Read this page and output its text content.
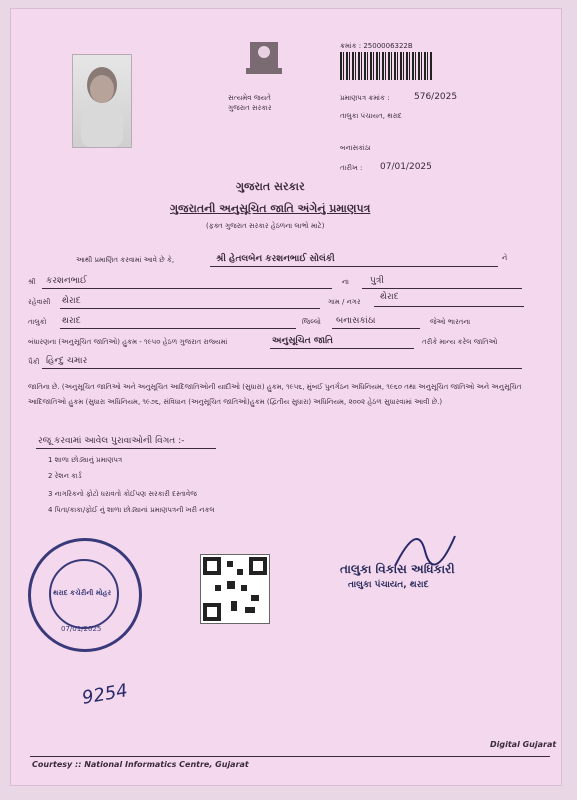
સત્યમેવ જયતે
ગુજરાત સરકાર
ક્રમાંક : 2500006322B
પ્રમાણપત્ર ક્રમાંક :	576/2025
તાલુકા પંચાયત, થરાદ
બનાસકાંઠા
તારીખ : 07/01/2025
ગુજરાત સરકાર
ગુજરાતની અનુસૂચિત જાતિ અંગેનું પ્રમાણપત્ર
(ફક્ત ગુજરાત સરકાર હેઠળના લાભો માટે)
આથી પ્રમાણિત કરવામાં આવે છે કે,	શ્રી હેતલબેન કરશનભાઈ સોલંકી	ને
શ્રી કરશનભાઈ	ના પુત્રી
રહેવાસી થેરાદ	ગામ / નગર થેરાદ
તાલુકો થરાદ	જિલ્લો બનાસકાંઠા	જેઓ ભારતના
બંધારણના (અનુસૂચિત જાતિઓ) હુકમ - ૧૯૫૦ હેઠળ ગુજરાત રાજ્યમાં	અનુસૂચિત જાતિ	તરીકે માન્ય કરેલ જાતિઓ
પૈકી હિન્દુ ચમાર
જાતિના છે. (અનુસૂચિત જાતિઓ અને અનુસૂચિત આદિજાતિઓની યાદીઓ (સુધારા) હુકમ, ૧૯૫૬, મુંબઈ પુનર્ગઠન અધિનિયમ, ૧૯૬૦ તથા અનુસૂચિત જાતિઓ અને અનુસૂચિત આદિજાતિઓ હુકમ (સુધારા અધિનિયમ, ૧૯૭૬, સંવિધાન (અનુસૂચિત જાતિઓ)હુકમ (દ્વિતીય સુધારા) અધિનિયમ, ૨૦૦૨ હેઠળ સુધારવામાં આવી છે.)
રજૂ કરવામાં આવેલ પુરાવાઓની વિગત :-
1 શાળા છોડ્યાનું પ્રમાણપત્ર
2 રેશન કાર્ડ
3 નાગરિકનો ફોટો ધરાવતો કોઈપણ સરકારી દસ્તાવેજ
4 પિતા/કાકા/ફોઈ નું શાળા છોડ્યાનાં પ્રમાણપત્રની ખરી નકલ
થરાદ કચેરીની મોહર
07/01/2025
તાલુકા વિકાસ અધિકારી
તાલુકા પંચાયત, થરાદ
9254
Courtesy :: National Informatics Centre, Gujarat
Digital Gujarat
